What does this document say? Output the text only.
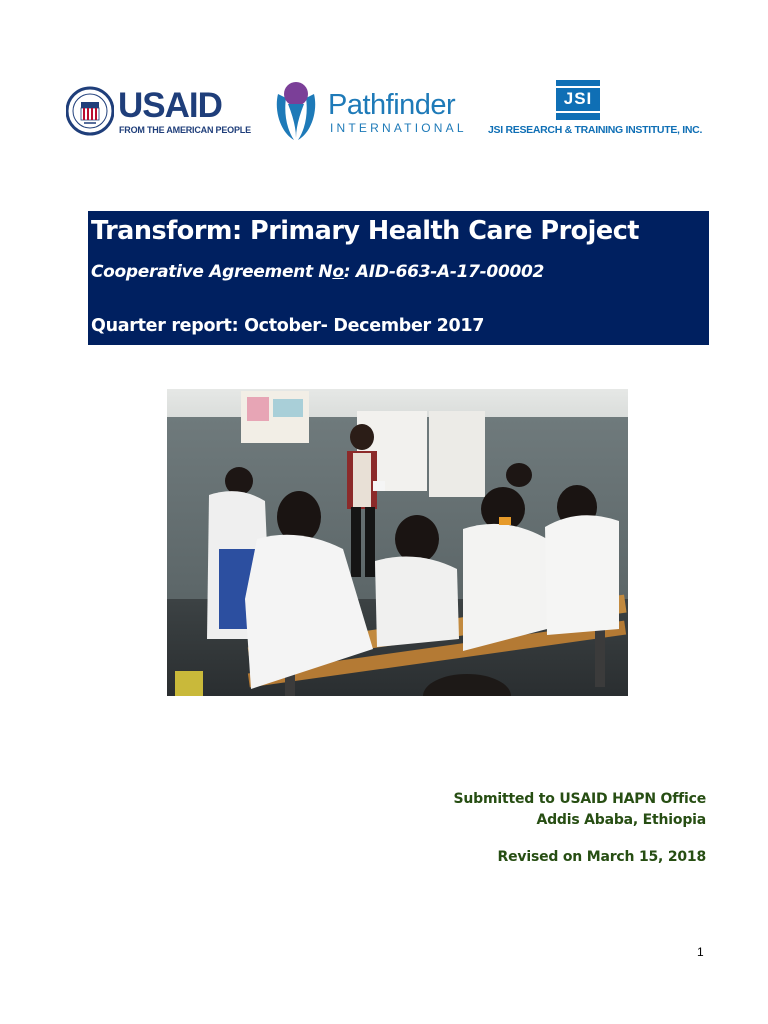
USAID
FROM THE AMERICAN PEOPLE
Pathfinder
INTERNATIONAL
JSI
JSI RESEARCH & TRAINING INSTITUTE, INC.
Transform: Primary Health Care Project
Cooperative Agreement No: AID-663-A-17-00002
Quarter report: October- December 2017
Submitted to USAID HAPN Office
Addis Ababa, Ethiopia
Revised on March 15, 2018
1
